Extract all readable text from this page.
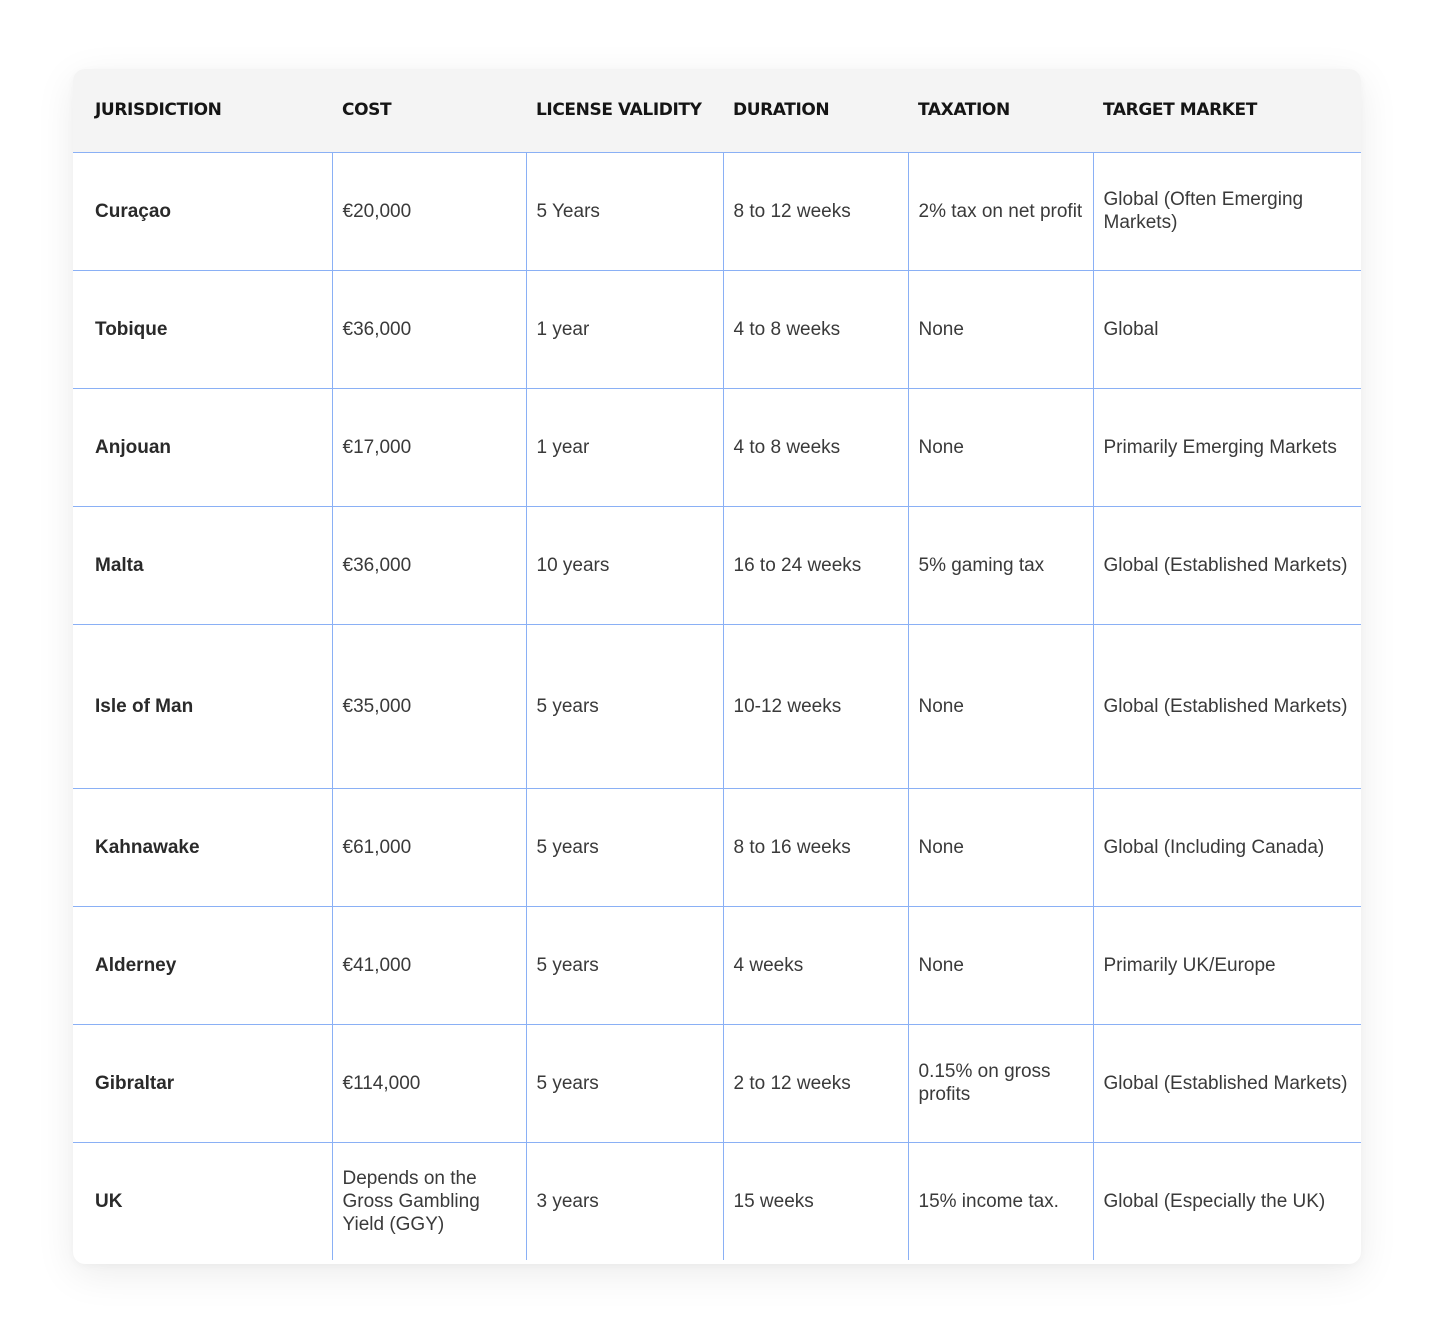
JURISDICTION	COST	LICENSE VALIDITY	DURATION	TAXATION	TARGET MARKET
Curaçao	€20,000	5 Years	8 to 12 weeks	2% tax on net profit	Global (Often Emerging Markets)
Tobique	€36,000	1 year	4 to 8 weeks	None	Global
Anjouan	€17,000	1 year	4 to 8 weeks	None	Primarily Emerging Markets
Malta	€36,000	10 years	16 to 24 weeks	5% gaming tax	Global (Established Markets)
Isle of Man	€35,000	5 years	10-12 weeks	None	Global (Established Markets)
Kahnawake	€61,000	5 years	8 to 16 weeks	None	Global (Including Canada)
Alderney	€41,000	5 years	4 weeks	None	Primarily UK/Europe
Gibraltar	€114,000	5 years	2 to 12 weeks	0.15% on gross profits	Global (Established Markets)
UK	Depends on the Gross Gambling Yield (GGY)	3 years	15 weeks	15% income tax.	Global (Especially the UK)
